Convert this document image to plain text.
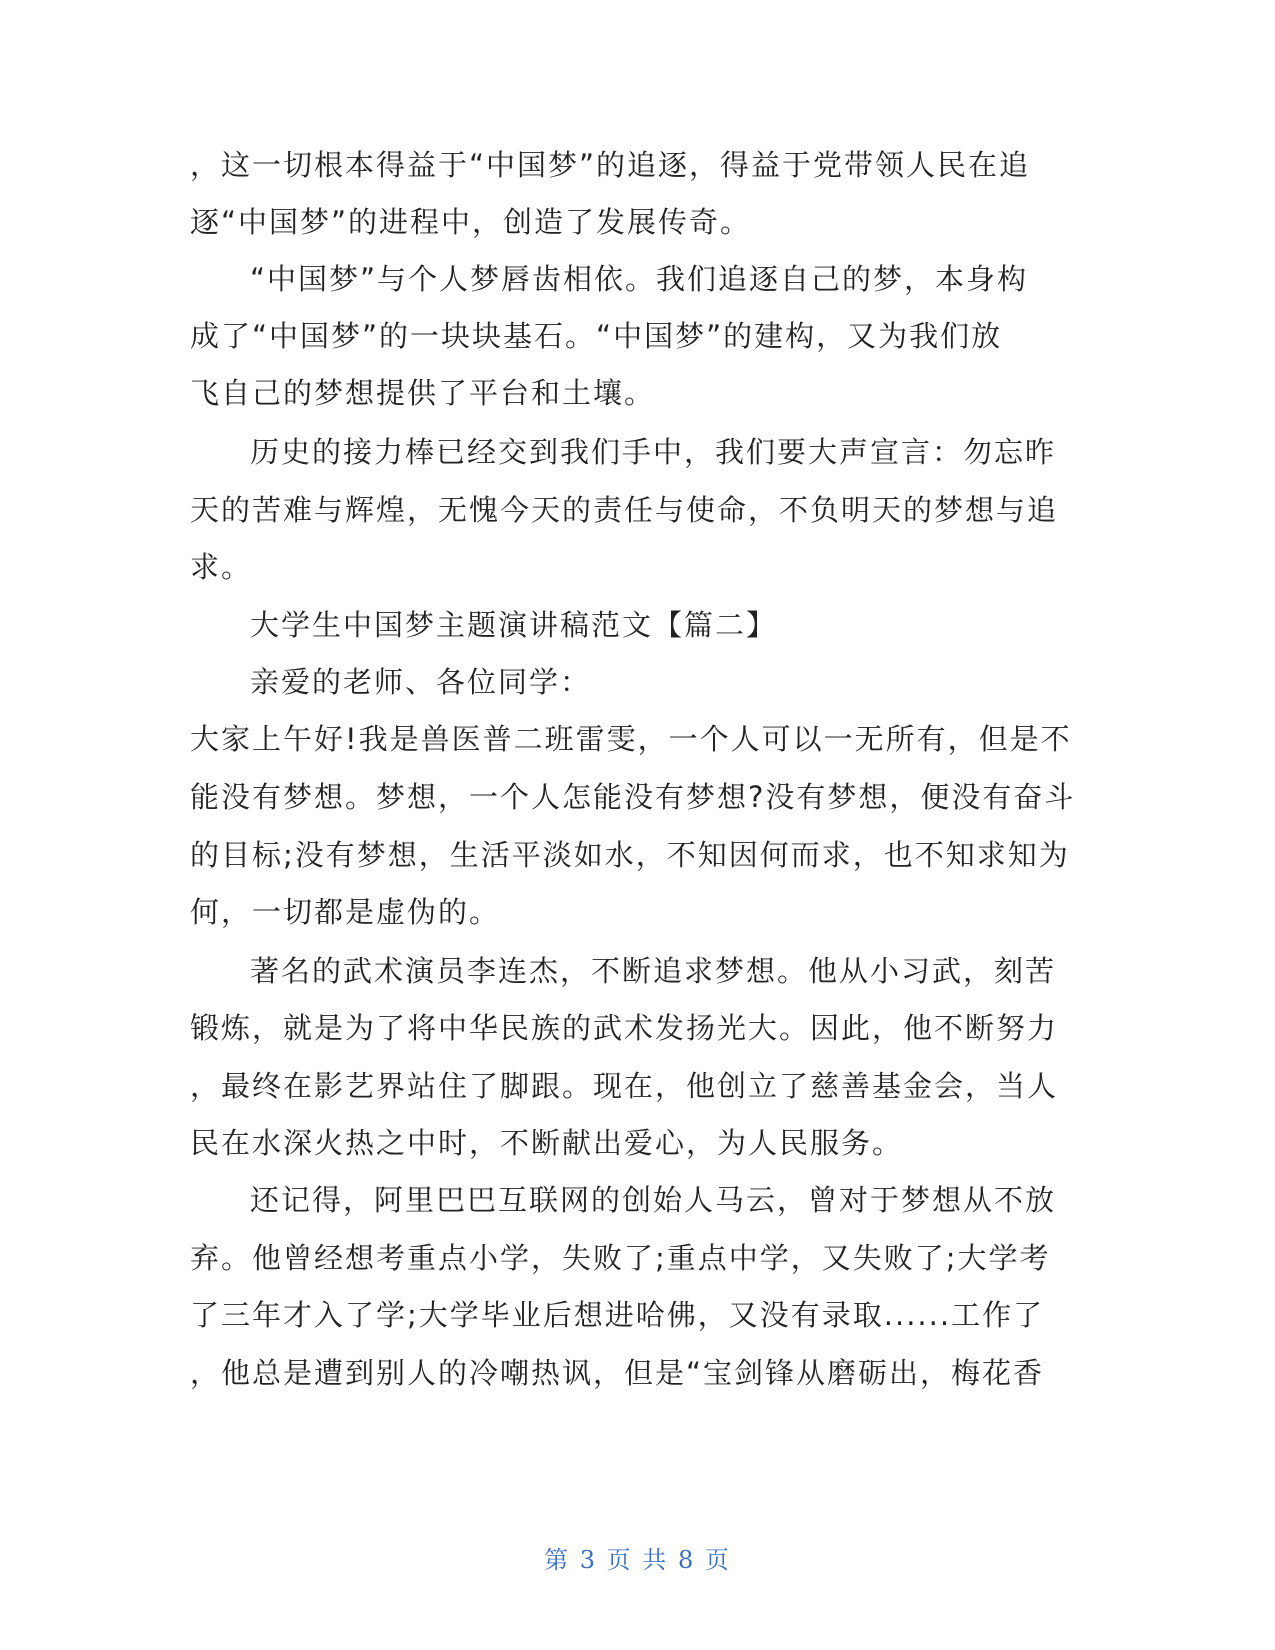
，这一切根本得益于“中国梦”的追逐，得益于党带领人民在追
逐“中国梦”的进程中，创造了发展传奇。
“中国梦”与个人梦唇齿相依。我们追逐自己的梦，本身构
成了“中国梦”的一块块基石。“中国梦”的建构，又为我们放
飞自己的梦想提供了平台和土壤。
历史的接力棒已经交到我们手中，我们要大声宣言：勿忘昨
天的苦难与辉煌，无愧今天的责任与使命，不负明天的梦想与追
求。
大学生中国梦主题演讲稿范文【篇二】
亲爱的老师、各位同学：
大家上午好!我是兽医普二班雷雯，一个人可以一无所有，但是不
能没有梦想。梦想，一个人怎能没有梦想?没有梦想，便没有奋斗
的目标;没有梦想，生活平淡如水，不知因何而求，也不知求知为
何，一切都是虚伪的。
著名的武术演员李连杰，不断追求梦想。他从小习武，刻苦
锻炼，就是为了将中华民族的武术发扬光大。因此，他不断努力
，最终在影艺界站住了脚跟。现在，他创立了慈善基金会，当人
民在水深火热之中时，不断献出爱心，为人民服务。
还记得，阿里巴巴互联网的创始人马云，曾对于梦想从不放
弃。他曾经想考重点小学，失败了;重点中学，又失败了;大学考
了三年才入了学;大学毕业后想进哈佛，又没有录取......工作了
，他总是遭到别人的冷嘲热讽，但是“宝剑锋从磨砺出，梅花香
第 3 页 共 8 页
